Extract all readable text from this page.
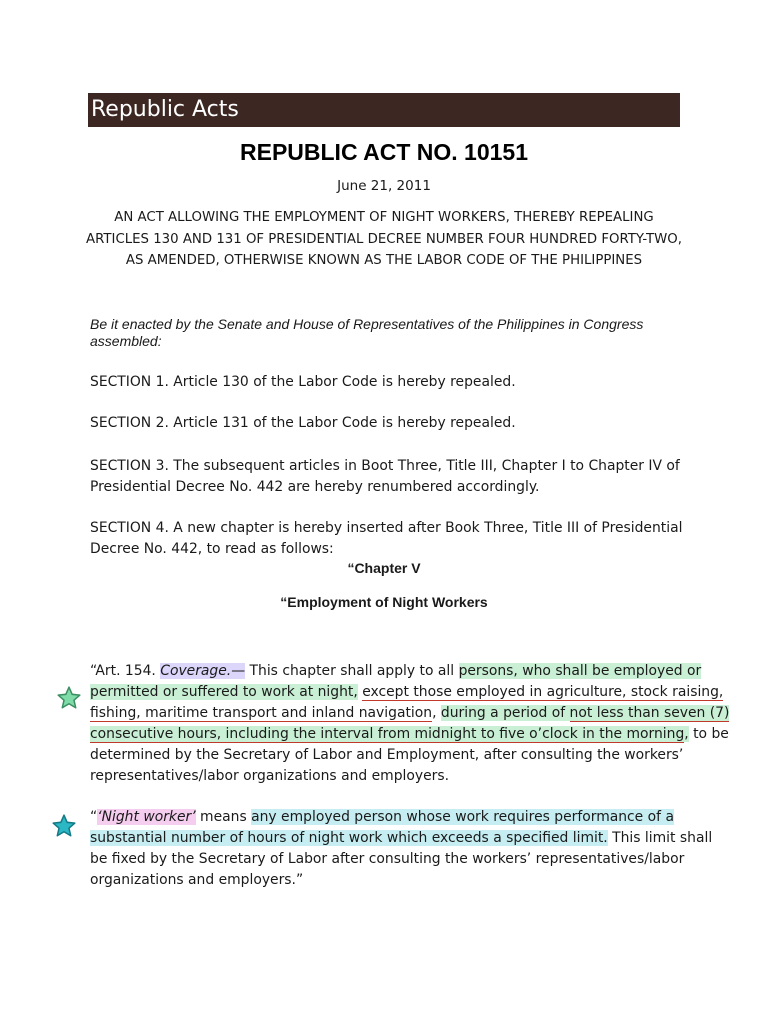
Republic Acts
REPUBLIC ACT NO. 10151
June 21, 2011
AN ACT ALLOWING THE EMPLOYMENT OF NIGHT WORKERS, THEREBY REPEALING ARTICLES 130 AND 131 OF PRESIDENTIAL DECREE NUMBER FOUR HUNDRED FORTY-TWO, AS AMENDED, OTHERWISE KNOWN AS THE LABOR CODE OF THE PHILIPPINES
Be it enacted by the Senate and House of Representatives of the Philippines in Congress assembled:
SECTION 1. Article 130 of the Labor Code is hereby repealed.
SECTION 2. Article 131 of the Labor Code is hereby repealed.
SECTION 3. The subsequent articles in Boot Three, Title III, Chapter I to Chapter IV of
Presidential Decree No. 442 are hereby renumbered accordingly.
SECTION 4. A new chapter is hereby inserted after Book Three, Title III of Presidential
Decree No. 442, to read as follows:
“Chapter V
“Employment of Night Workers
“Art. 154. Coverage.— This chapter shall apply to all persons, who shall be employed or
permitted or suffered to work at night, except those employed in agriculture, stock raising,
fishing, maritime transport and inland navigation, during a period of not less than seven (7)
consecutive hours, including the interval from midnight to five o’clock in the morning, to be
determined by the Secretary of Labor and Employment, after consulting the workers’
representatives/labor organizations and employers.
“‘Night worker’ means any employed person whose work requires performance of a
substantial number of hours of night work which exceeds a specified limit. This limit shall
be fixed by the Secretary of Labor after consulting the workers’ representatives/labor
organizations and employers.”
